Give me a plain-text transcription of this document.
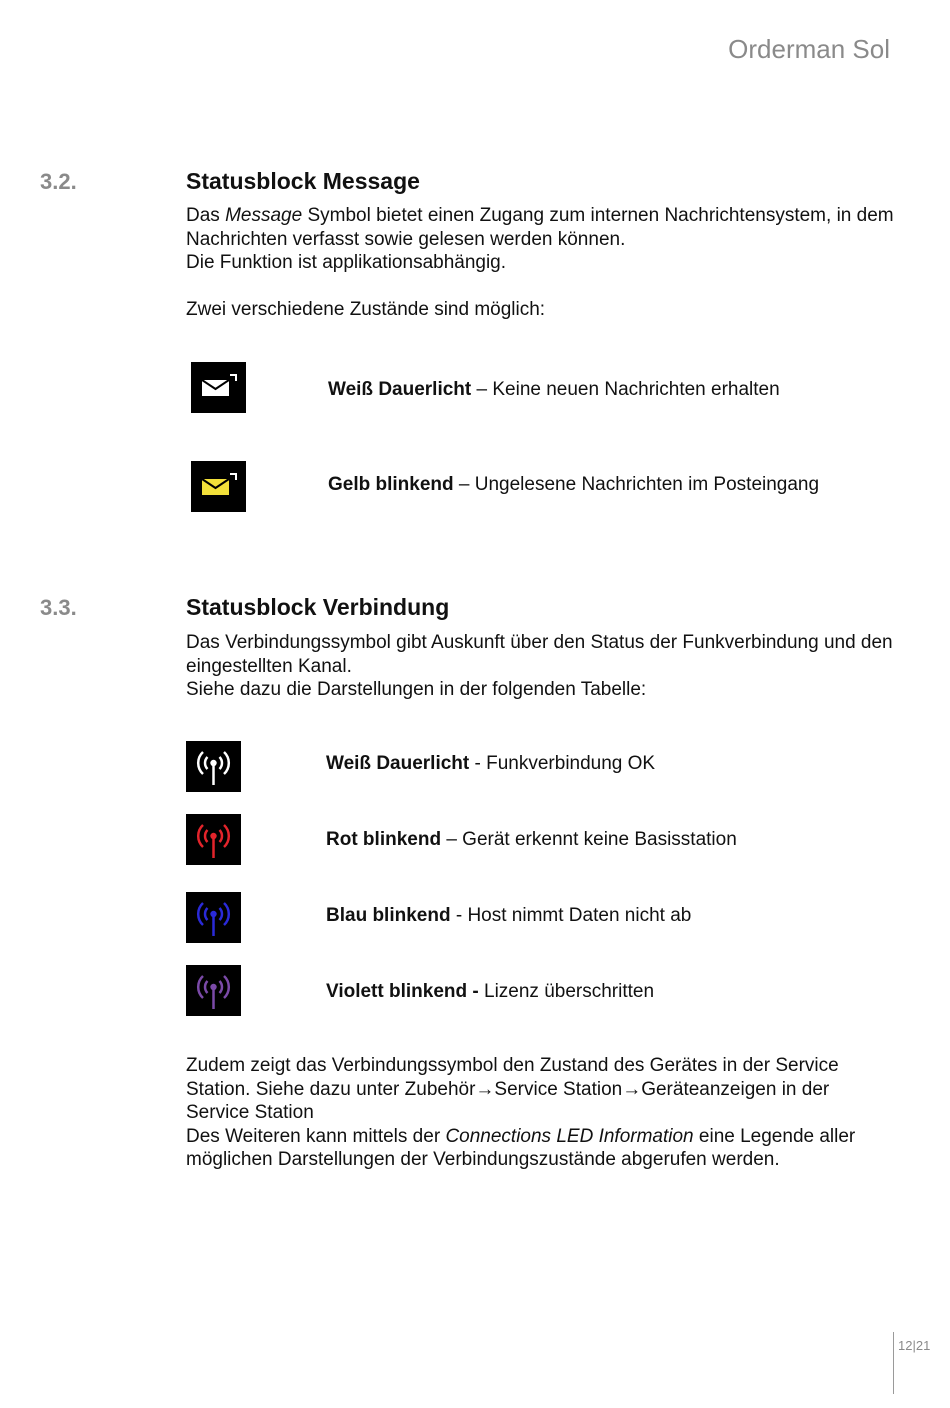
Orderman Sol
3.2.	Statusblock Message

Das Message Symbol bietet einen Zugang zum internen Nachrichtensystem, in dem Nachrichten verfasst sowie gelesen werden können.

Die Funktion ist applikationsabhängig.

Zwei verschiedene Zustände sind möglich:
Weiß Dauerlicht – Keine neuen Nachrichten erhalten
Gelb blinkend – Ungelesene Nachrichten im Posteingang
3.3.	Statusblock Verbindung

Das Verbindungssymbol gibt Auskunft über den Status der Funkverbindung und den eingestellten Kanal.

Siehe dazu die Darstellungen in der folgenden Tabelle:

Weiß Dauerlicht - Funkverbindung OK
Rot blinkend – Gerät erkennt keine Basisstation
Blau blinkend - Host nimmt Daten nicht ab
Violett blinkend - Lizenz überschritten

Zudem zeigt das Verbindungssymbol den Zustand des Gerätes in der Service Station. Siehe dazu unter Zubehör→Service Station→Geräteanzeigen in der Service Station

Des Weiteren kann mittels der Connections LED Information eine Legende aller möglichen Darstellungen der Verbindungszustände abgerufen werden.

12|21
